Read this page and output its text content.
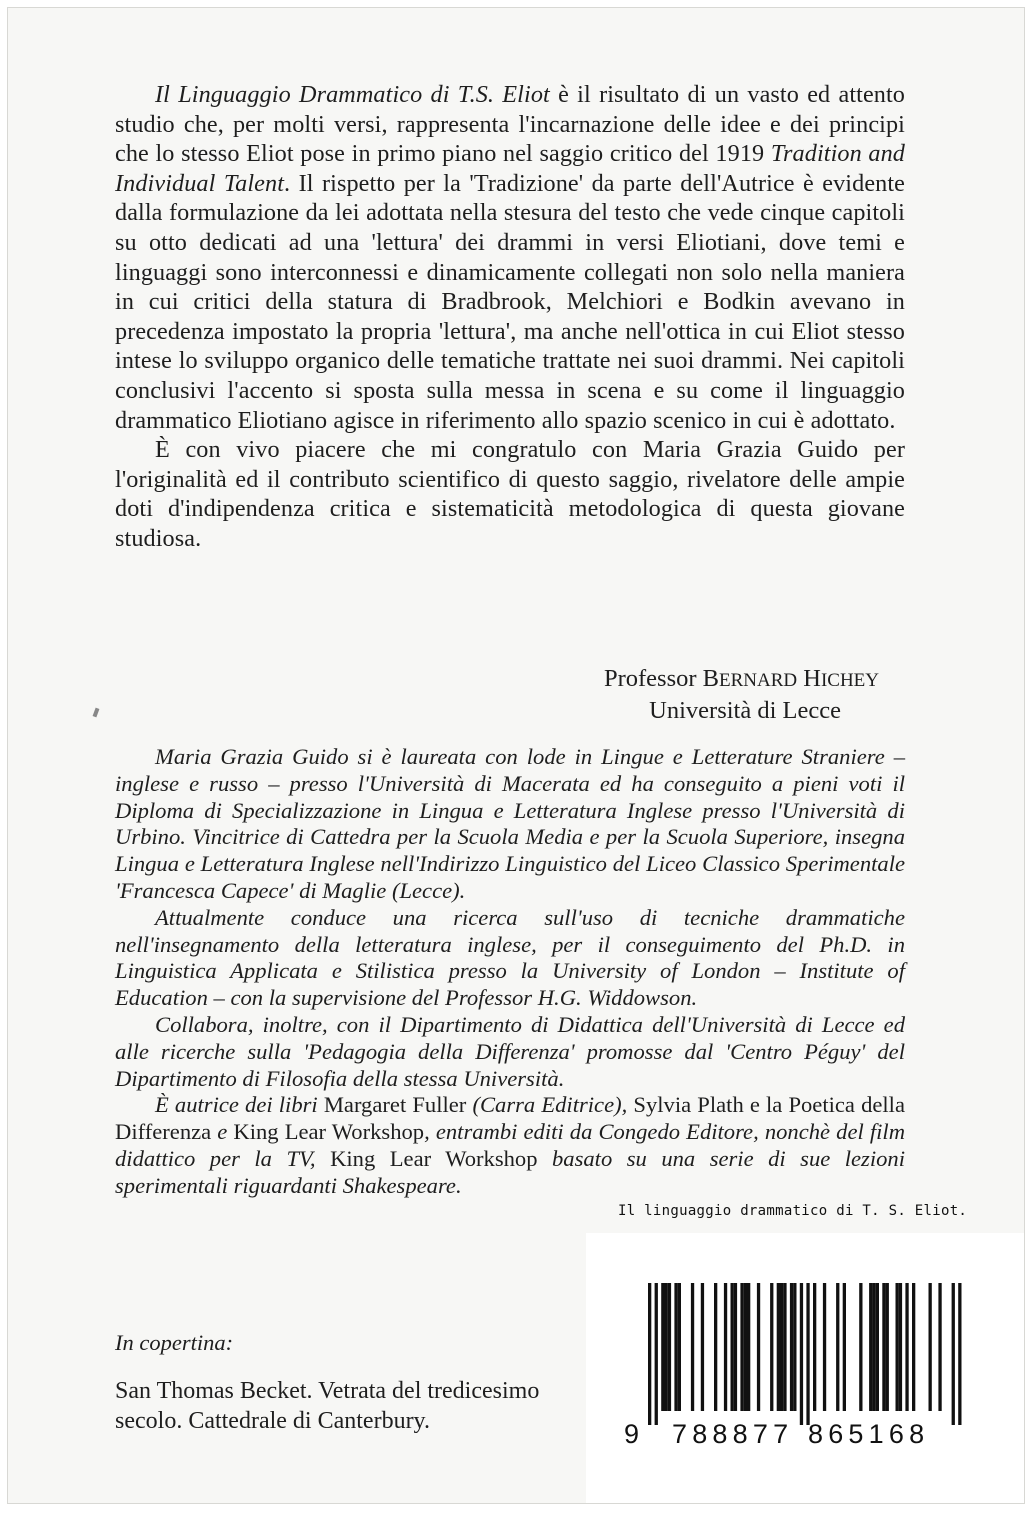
Il Linguaggio Drammatico di T.S. Eliot è il risultato di un vasto ed attento studio che, per molti versi, rappresenta l'incarnazione delle idee e dei principi che lo stesso Eliot pose in primo piano nel saggio critico del 1919 Tradition and Individual Talent. Il rispetto per la 'Tradizione' da parte dell'Autrice è evidente dalla formulazione da lei adottata nella stesura del testo che vede cinque capitoli su otto dedicati ad una 'lettura' dei drammi in versi Eliotiani, dove temi e linguaggi sono interconnessi e dinamicamente collegati non solo nella maniera in cui critici della statura di Bradbrook, Melchiori e Bodkin avevano in precedenza impostato la propria 'lettura', ma anche nell'ottica in cui Eliot stesso intese lo sviluppo organico delle tematiche trattate nei suoi drammi. Nei capitoli conclusivi l'accento si sposta sulla messa in scena e su come il linguaggio drammatico Eliotiano agisce in riferimento allo spazio scenico in cui è adottato.

È con vivo piacere che mi congratulo con Maria Grazia Guido per l'originalità ed il contributo scientifico di questo saggio, rivelatore delle ampie doti d'indipendenza critica e sistematicità metodologica di questa giovane studiosa.

Professor BERNARD HICHEY
Università di Lecce

Maria Grazia Guido si è laureata con lode in Lingue e Letterature Straniere – inglese e russo – presso l'Università di Macerata ed ha conseguito a pieni voti il Diploma di Specializzazione in Lingua e Letteratura Inglese presso l'Università di Urbino. Vincitrice di Cattedra per la Scuola Media e per la Scuola Superiore, insegna Lingua e Letteratura Inglese nell'Indirizzo Linguistico del Liceo Classico Sperimentale 'Francesca Capece' di Maglie (Lecce).

Attualmente conduce una ricerca sull'uso di tecniche drammatiche nell'insegnamento della letteratura inglese, per il conseguimento del Ph.D. in Linguistica Applicata e Stilistica presso la University of London – Institute of Education – con la supervisione del Professor H.G. Widdowson.

Collabora, inoltre, con il Dipartimento di Didattica dell'Università di Lecce ed alle ricerche sulla 'Pedagogia della Differenza' promosse dal 'Centro Péguy' del Dipartimento di Filosofia della stessa Università.

È autrice dei libri Margaret Fuller (Carra Editrice), Sylvia Plath e la Poetica della Differenza e King Lear Workshop, entrambi editi da Congedo Editore, nonchè del film didattico per la TV, King Lear Workshop basato su una serie di sue lezioni sperimentali riguardanti Shakespeare.

In copertina:
San Thomas Becket. Vetrata del tredicesimo secolo. Cattedrale di Canterbury.	9 788877 865168
Il linguaggio drammatico di T. S. Eliot.
